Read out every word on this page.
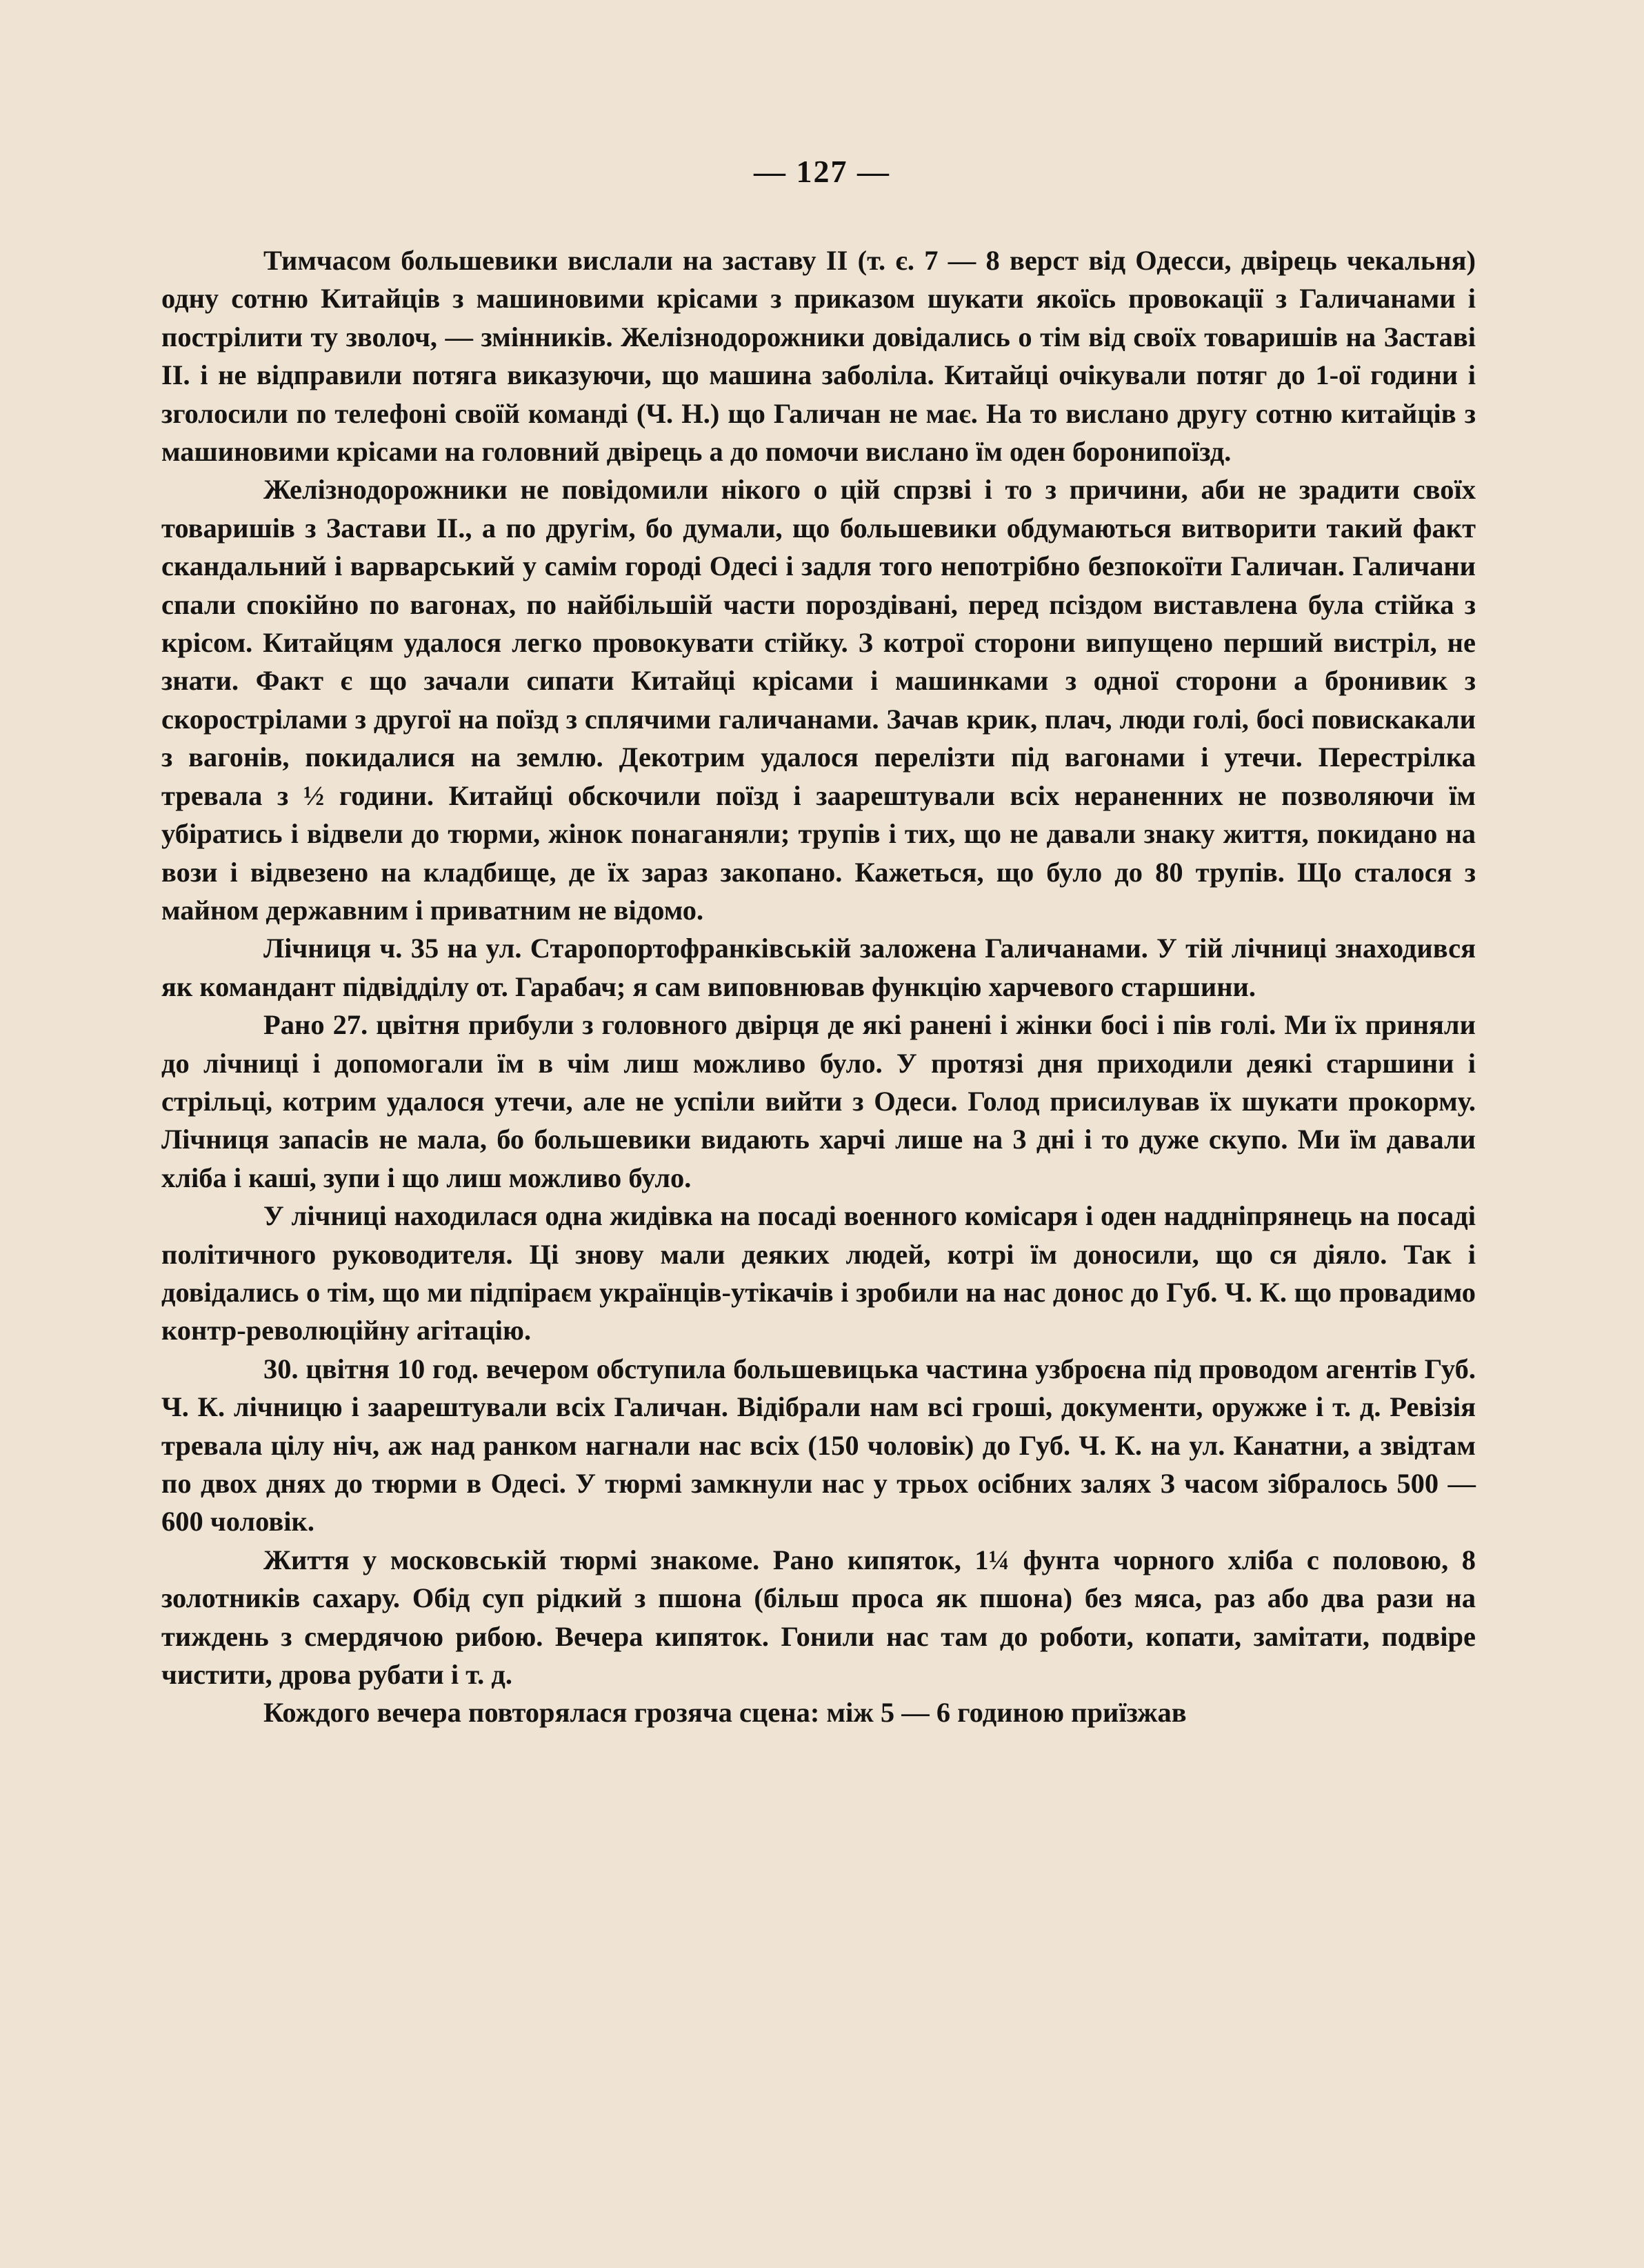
— 127 —

Тимчасом большевики вислали на заставу II (т. є. 7 — 8 верст від Одесси, двірець чекальня) одну сотню Китайців з машиновими крісами з приказом шукати якоїсь провокації з Галичанами і пострілити ту зволоч, — змінників. Желізнодорожники довідались о тім від своїх товаришів на Заставі II. і не відправили потяга виказуючи, що машина заболіла. Китайці очікували потяг до 1-ої години і зголосили по телефоні своїй команді (Ч. Н.) що Галичан не має. На то вислано другу сотню китайців з машиновими крісами на головний двірець а до помочи вислано їм оден боронипоїзд.

Желізнодорожники не повідомили нікого о цій спрзві і то з причини, аби не зрадити своїх товаришів з Застави II., а по другім, бо думали, що большевики обдумаються витворити такий факт скандальний і варварський у самім городі Одесі і задля того непотрібно безпокоїти Галичан. Галичани спали спокійно по вагонах, по найбільшій части пороздівані, перед псіздом виставлена була стійка з крісом. Китайцям удалося легко провокувати стійку. З котрої сторони випущено перший вистріл, не знати. Факт є що зачали сипати Китайці крісами і машинками з одної сторони а бронивик з скорострілами з другої на поїзд з сплячими галичанами. Зачав крик, плач, люди голі, босі повискакали з вагонів, покидалися на землю. Декотрим удалося перелізти під вагонами і утечи. Перестрілка тревала з ½ години. Китайці обскочили поїзд і заарештували всіх нераненних не позволяючи їм убіратись і відвели до тюрми, жінок понаганяли; трупів і тих, що не давали знаку життя, покидано на вози і відвезено на кладбище, де їх зараз закопано. Кажеться, що було до 80 трупів. Що сталося з майном державним і приватним не відомо.

Лічниця ч. 35 на ул. Старопортофранківській заложена Галичанами. У тій лічниці знаходився як командант підвідділу от. Гарабач; я сам виповнював функцію харчевого старшини.

Рано 27. цвітня прибули з головного двірця де які ранені і жінки босі і пів голі. Ми їх приняли до лічниці і допомогали їм в чім лиш можливо було. У протязі дня приходили деякі старшини і стрільці, котрим удалося утечи, але не успіли вийти з Одеси. Голод присилував їх шукати прокорму. Лічниця запасів не мала, бо большевики видають харчі лише на 3 дні і то дуже скупо. Ми їм давали хліба і каші, зупи і що лиш можливо було.

У лічниці находилася одна жидівка на посаді военного комісаря і оден наддніпрянець на посаді політичного руководителя. Ці знову мали деяких людей, котрі їм доносили, що ся діяло. Так і довідались о тім, що ми підпіраєм українців-утікачів і зробили на нас донос до Губ. Ч. К. що провадимо контр-революційну агітацію.

30. цвітня 10 год. вечером обступила большевицька частина узброєна під проводом агентів Губ. Ч. К. лічницю і заарештували всіх Галичан. Відібрали нам всі гроші, документи, оружже і т. д. Ревізія тревала цілу ніч, аж над ранком нагнали нас всіх (150 чоловік) до Губ. Ч. К. на ул. Канатни, а звідтам по двох днях до тюрми в Одесі. У тюрмі замкнули нас у трьох осібних залях З часом зібралось 500 — 600 чоловік.

Життя у московській тюрмі знакоме. Рано кипяток, 1¼ фунта чорного хліба с половою, 8 золотників сахару. Обід суп рідкий з пшона (більш проса як пшона) без мяса, раз або два рази на тиждень з смердячою рибою. Вечера кипяток. Гонили нас там до роботи, копати, замітати, подвіре чистити, дрова рубати і т. д.

Кождого вечера повторялася грозяча сцена: між 5 — 6 годиною приїзжав
